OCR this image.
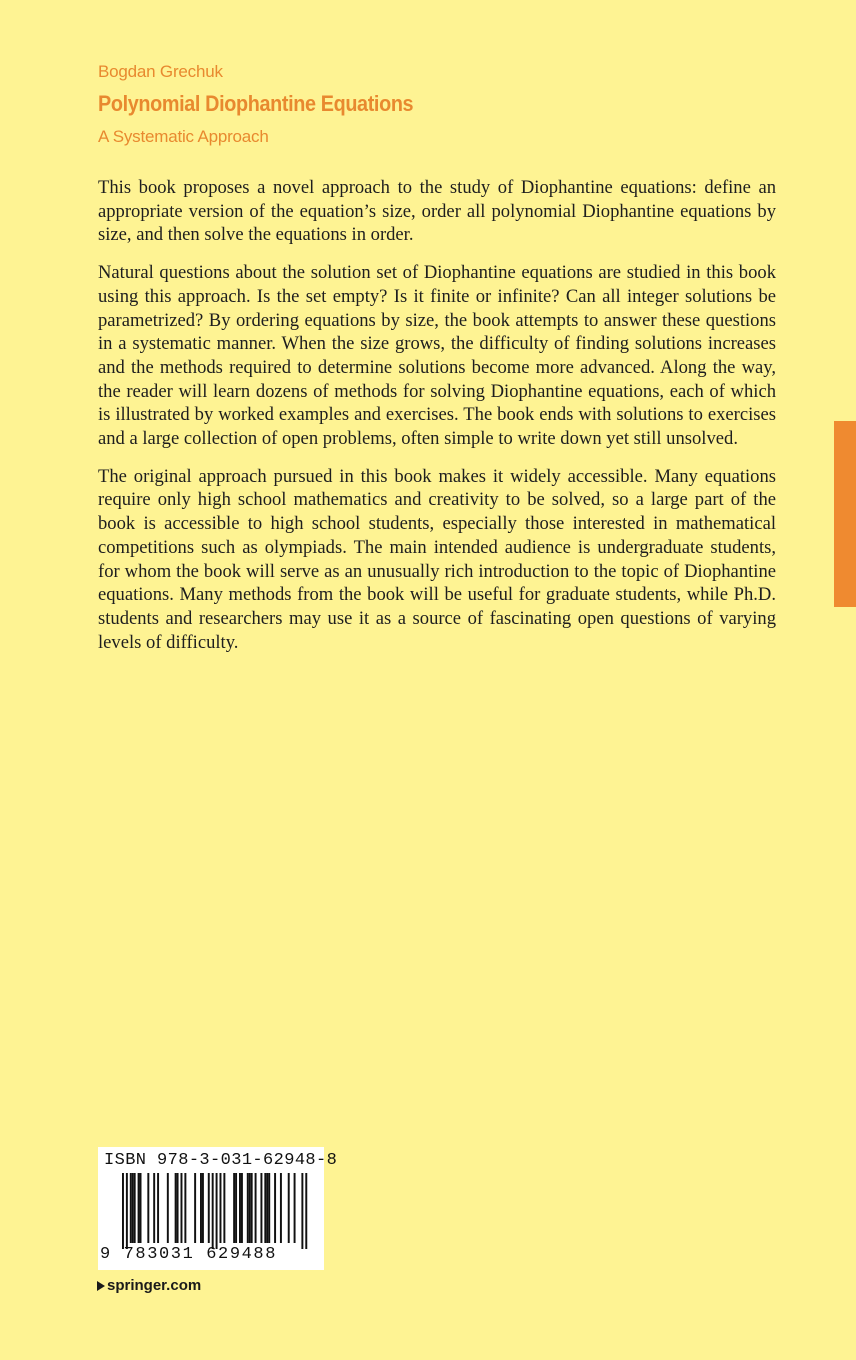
Bogdan Grechuk
Polynomial Diophantine Equations
A Systematic Approach

This book proposes a novel approach to the study of Diophantine equations: define an appropriate version of the equation’s size, order all polynomial Diophantine equations by size, and then solve the equations in order.

Natural questions about the solution set of Diophantine equations are studied in this book using this approach. Is the set empty? Is it finite or infinite? Can all integer solutions be parametrized? By ordering equations by size, the book attempts to answer these questions in a systematic manner. When the size grows, the difficulty of finding solutions increases and the methods required to determine solutions become more advanced. Along the way, the reader will learn dozens of methods for solving Diophantine equations, each of which is illustrated by worked examples and exercises. The book ends with solutions to exercises and a large collection of open problems, often simple to write down yet still unsolved.

The original approach pursued in this book makes it widely accessible. Many equations require only high school mathematics and creativity to be solved, so a large part of the book is accessible to high school students, especially those interested in mathematical competitions such as olympiads. The main intended audience is undergraduate students, for whom the book will serve as an unusually rich introduction to the topic of Diophantine equations. Many methods from the book will be useful for graduate students, while Ph.D. students and researchers may use it as a source of fascinating open questions of varying levels of difficulty.

ISBN 978-3-031-62948-8
9 783031 629488
springer.com
